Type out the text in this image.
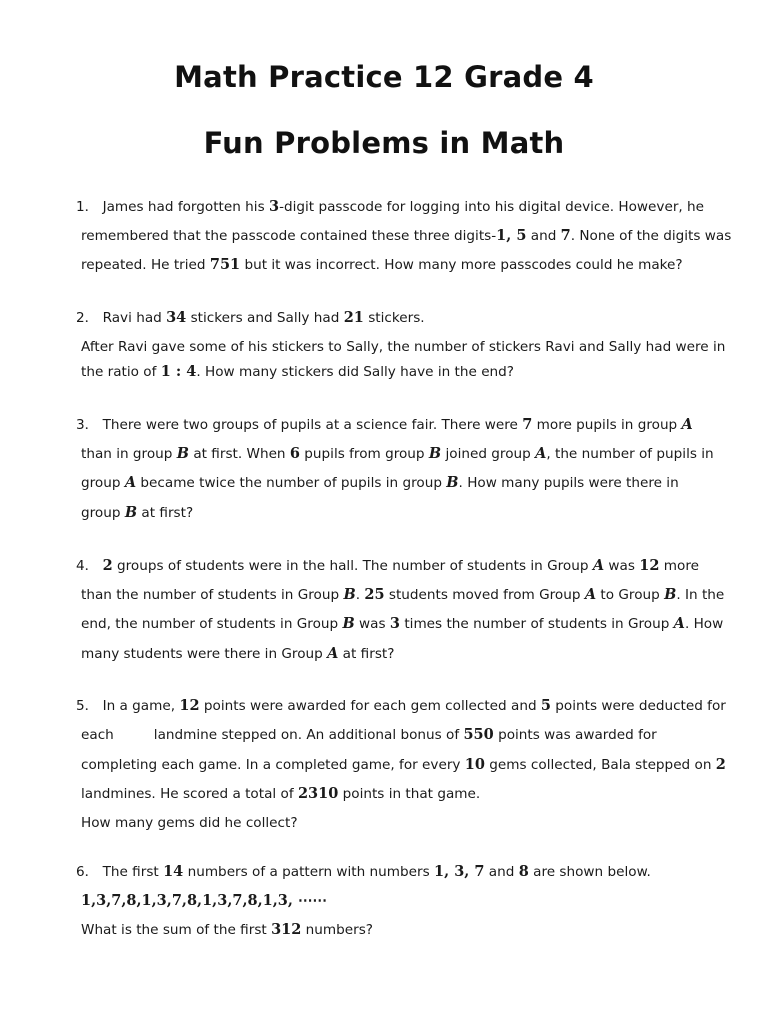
Math Practice 12 Grade 4
Fun Problems in Math
1． James had forgotten his 3-digit passcode for logging into his digital device. However, he
remembered that the passcode contained these three digits-1, 5 and 7. None of the digits was
repeated. He tried 751 but it was incorrect. How many more passcodes could he make?
2． Ravi had 34 stickers and Sally had 21 stickers.
After Ravi gave some of his stickers to Sally, the number of stickers Ravi and Sally had were in
the ratio of 1 : 4. How many stickers did Sally have in the end?
3． There were two groups of pupils at a science fair. There were 7 more pupils in group A
than in group B at first. When 6 pupils from group B joined group A, the number of pupils in
group A became twice the number of pupils in group B. How many pupils were there in
group B at first?
4． 2 groups of students were in the hall. The number of students in Group A was 12 more
than the number of students in Group B. 25 students moved from Group A to Group B. In the
end, the number of students in Group B was 3 times the number of students in Group A. How
many students were there in Group A at first?
5． In a game, 12 points were awarded for each gem collected and 5 points were deducted for
each	landmine stepped on. An additional bonus of 550 points was awarded for
completing each game. In a completed game, for every 10 gems collected, Bala stepped on 2
landmines. He scored a total of 2310 points in that game.
How many gems did he collect?
6． The first 14 numbers of a pattern with numbers 1, 3, 7 and 8 are shown below.
1,3,7,8,1,3,7,8,1,3,7,8,1,3, ⋯⋯
What is the sum of the first 312 numbers?
